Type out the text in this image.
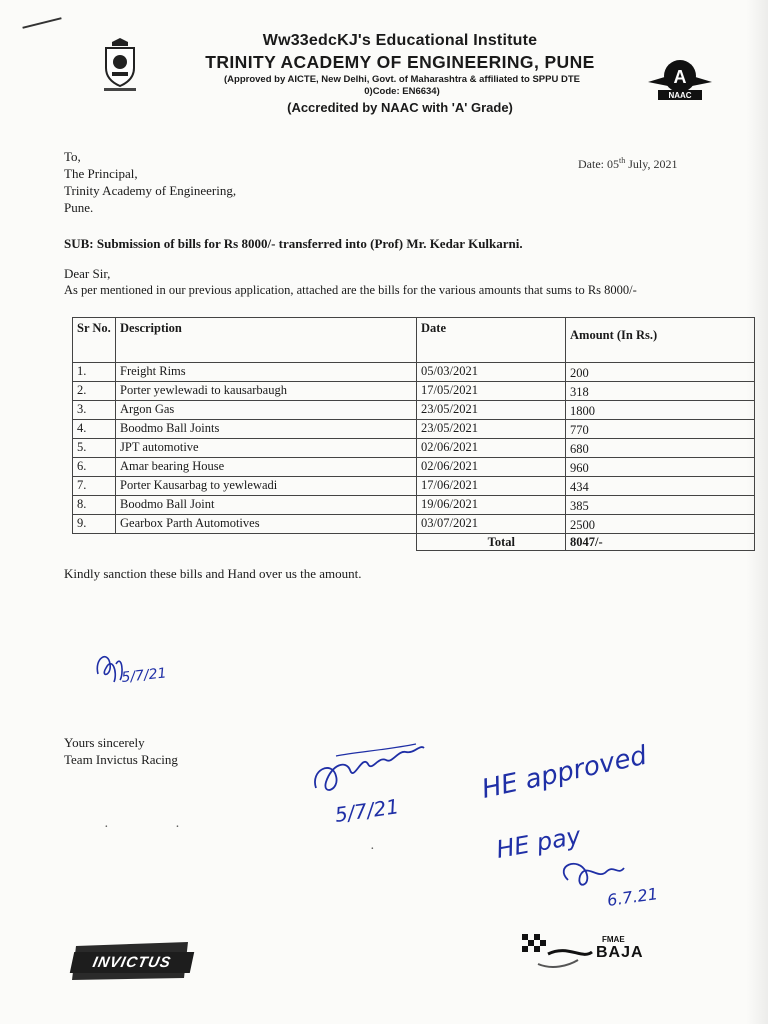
Ww33edcKJ's Educational Institute
TRINITY ACADEMY OF ENGINEERING, PUNE
(Approved by AICTE, New Delhi, Govt. of Maharashtra & affiliated to SPPU DTE
0)Code: EN6634)
(Accredited by NAAC with 'A' Grade)
A
NAAC
To,
The Principal,
Trinity Academy of Engineering,
Pune.
Date: 05th July, 2021
SUB: Submission of bills for Rs 8000/- transferred into (Prof) Mr. Kedar Kulkarni.
Dear Sir,
As per mentioned in our previous application, attached are the bills for the various amounts that sums to Rs 8000/-
Sr No.	Description	Date	Amount (In Rs.)
1.	Freight Rims	05/03/2021	200
2.	Porter yewlewadi to kausarbaugh	17/05/2021	318
3.	Argon Gas	23/05/2021	1800
4.	Boodmo Ball Joints	23/05/2021	770
5.	JPT automotive	02/06/2021	680
6.	Amar bearing House	02/06/2021	960
7.	Porter Kausarbag to yewlewadi	17/06/2021	434
8.	Boodmo Ball Joint	19/06/2021	385
9.	Gearbox Parth Automotives	03/07/2021	2500
		Total	8047/-
Kindly sanction these bills and Hand over us the amount.
5/7/21
Yours sincerely
Team Invictus Racing
5/7/21
HE approved
HE pay
6.7.21
·                   ·
·
INVICTUS
FMAE
BAJA
